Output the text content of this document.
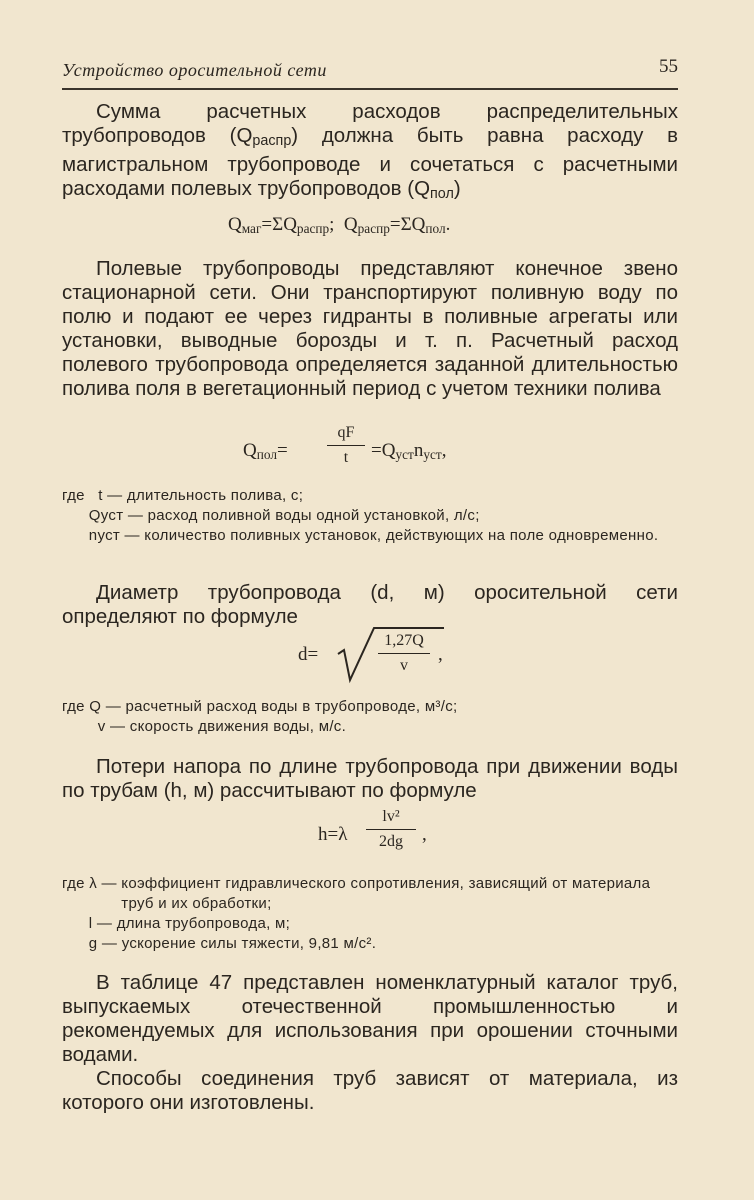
Устройство оросительной сети	55
Сумма расчетных расходов распределительных трубопроводов $(Q_{распр})$ должна быть равна расходу в магистральном трубопроводе и сочетаться с расчетными расходами полевых трубопроводов $(Q_{пол})$
$Q_{маг}=\Sigma Q_{распр}$; $Q_{распр}=\Sigma Q_{пол}$.
Полевые трубопроводы представляют конечное звено стационарной сети. Они транспортируют поливную воду по полю и подают ее через гидранты в поливные агрегаты или установки, выводные борозды и т. п. Расчетный расход полевого трубопровода определяется заданной длительностью полива поля в вегетационный период с учетом техники полива
$Q_{пол}=$
qF
t	$=Q_{уст}n_{уст}$,
где   t — длительность полива, с;
Qуст — расход поливной воды одной установкой, л/с;
nуст — количество поливных установок, действующих на поле одновременно.
Диаметр трубопровода (d, м) оросительной сети определяют по формуле
d=
1,27Q
v
,
где Q — расчетный расход воды в трубопроводе, м³/с;
v — скорость движения воды, м/с.
Потери напора по длине трубопровода при движении воды по трубам (h, м) рассчитывают по формуле
h=λ
lv²
2dg	,
где λ — коэффициент гидравлического сопротивления, зависящий от материала труб и их обработки;
l — длина трубопровода, м;
g — ускорение силы тяжести, 9,81 м/с².
В таблице 47 представлен номенклатурный каталог труб, выпускаемых отечественной промышленностью и рекомендуемых для использования при орошении сточными водами.
Способы соединения труб зависят от материала, из которого они изготовлены.
